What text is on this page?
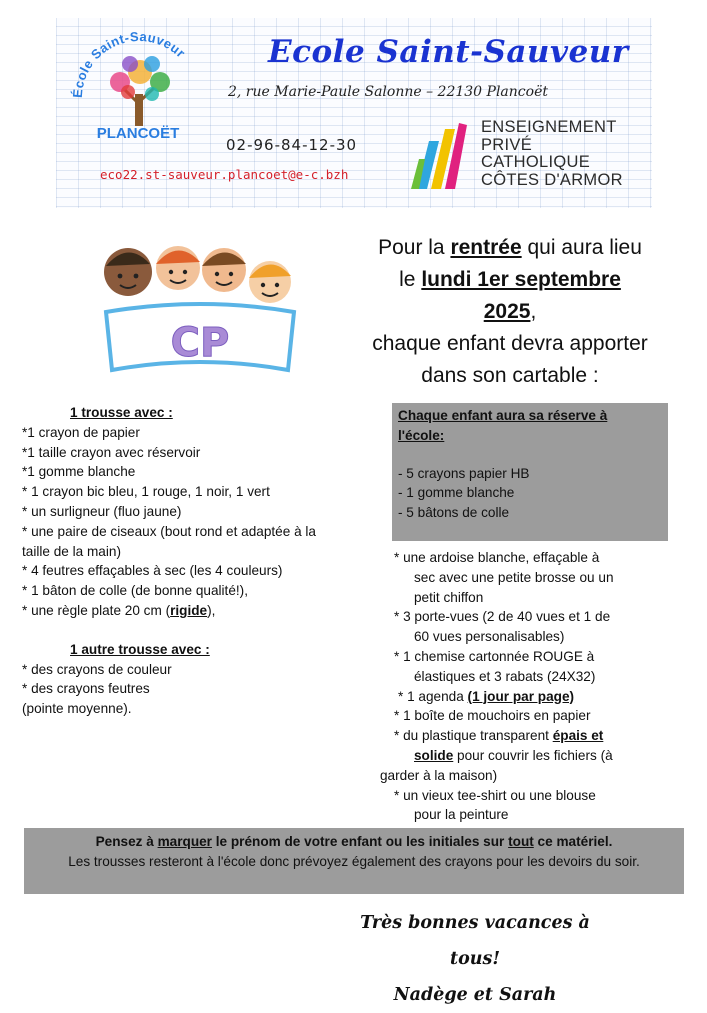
École Saint-Sauveur
PLANCOËT
Ecole Saint-Sauveur
2, rue Marie-Paule Salonne – 22130 Plancoët
02-96-84-12-30
eco22.st-sauveur.plancoet@e-c.bzh
ENSEIGNEMENT
PRIVÉ
CATHOLIQUE
CÔTES D'ARMOR
CP
Pour la rentrée qui aura lieu
le lundi 1er septembre
2025,
chaque enfant devra apporter
dans son cartable :
1 trousse avec :
*1 crayon de papier
*1 taille crayon avec réservoir
*1 gomme blanche
* 1 crayon bic bleu, 1 rouge, 1 noir, 1 vert
* un surligneur (fluo jaune)
* une paire de ciseaux (bout rond et adaptée à la
taille de la main)
* 4 feutres effaçables à sec (les 4 couleurs)
* 1 bâton de colle (de bonne qualité!),
* une règle plate 20 cm (rigide),
1 autre trousse avec :
* des crayons de couleur
* des crayons feutres
(pointe moyenne).
Chaque enfant aura sa réserve à
l'école:
- 5 crayons papier HB
- 1 gomme blanche
- 5 bâtons de colle
* une ardoise blanche, effaçable à
sec avec une petite brosse ou un
petit chiffon
* 3 porte-vues (2 de 40 vues et 1 de
60 vues personalisables)
* 1 chemise cartonnée ROUGE à
élastiques et 3 rabats (24X32)
* 1 agenda (1 jour par page)
* 1 boîte de mouchoirs en papier
* du plastique transparent épais et
solide pour couvrir les fichiers (à
garder à la maison)
* un vieux tee-shirt ou une blouse
pour la peinture
Pensez à marquer le prénom de votre enfant ou les initiales sur tout ce matériel.
Les trousses resteront à l'école donc prévoyez également des crayons pour les devoirs du soir.
Très bonnes vacances à tous!
Nadège et Sarah
